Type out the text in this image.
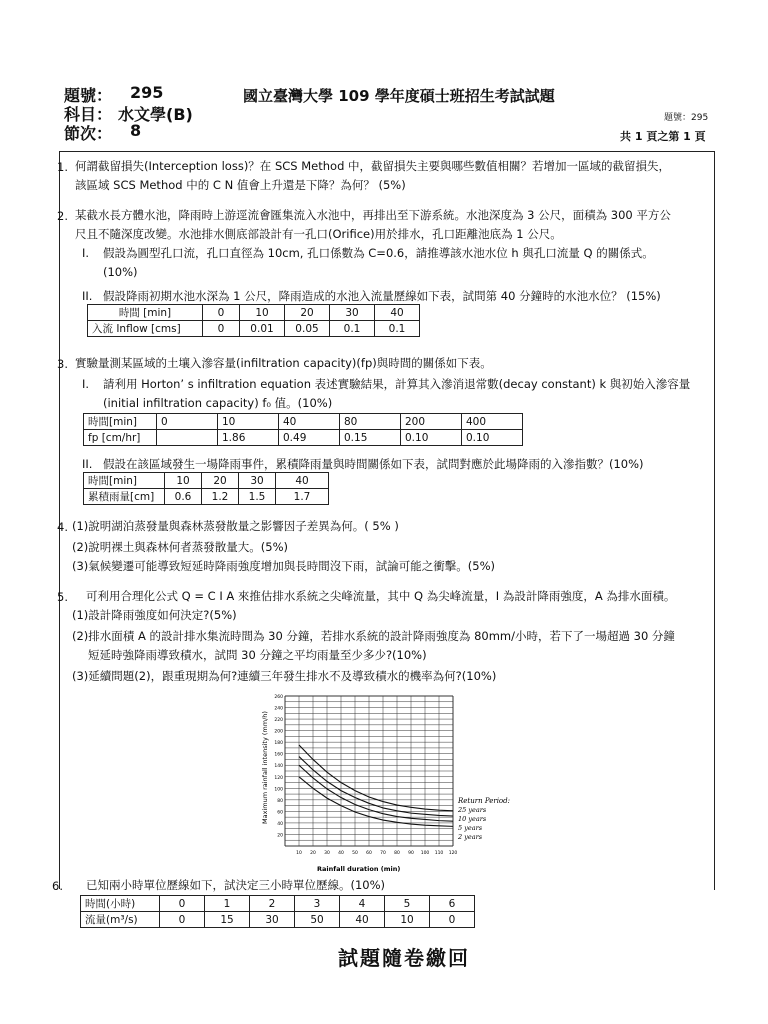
題號： 295
科目： 水文學(B)
節次： 8
國立臺灣大學 109 學年度碩士班招生考試試題
題號：295
共 1 頁之第 1 頁
1. 何謂截留損失(Interception loss)？在 SCS Method 中，截留損失主要與哪些數值相關？若增加一區域的截留損失，
該區域 SCS Method 中的 C N 值會上升還是下降？為何？ (5%)
2. 某截水長方體水池，降雨時上游逕流會匯集流入水池中，再排出至下游系統。水池深度為 3 公尺，面積為 300 平方公
尺且不隨深度改變。水池排水側底部設計有一孔口(Orifice)用於排水，孔口距離池底為 1 公尺。
I. 假設為圓型孔口流，孔口直徑為 10cm, 孔口係數為 C=0.6，請推導該水池水位 h 與孔口流量 Q 的關係式。
(10%)
II. 假設降雨初期水池水深為 1 公尺，降雨造成的水池入流量歷線如下表，試問第 40 分鐘時的水池水位？ (15%)
時間 [min]	0	10	20	30	40
入流 Inflow [cms]	0	0.01	0.05	0.1	0.1
3. 實驗量測某區域的土壤入滲容量(infiltration capacity)(fp)與時間的關係如下表。
I. 請利用 Horton’ s infiltration equation 表述實驗結果，計算其入滲消退常數(decay constant) k 與初始入滲容量
(initial infiltration capacity) f₀ 值。(10%)
時間[min]	0	10	40	80	200	400
fp [cm/hr]		1.86	0.49	0.15	0.10	0.10
II. 假設在該區域發生一場降雨事件，累積降雨量與時間關係如下表，試問對應於此場降雨的入滲指數？(10%)
時間[min]	10	20	30	40
累積雨量[cm]	0.6	1.2	1.5	1.7
4. (1)說明湖泊蒸發量與森林蒸發散量之影響因子差異為何。( 5% )
(2)說明裸土與森林何者蒸發散量大。(5%)
(3)氣候變遷可能導致短延時降雨強度增加與長時間沒下雨，試論可能之衝擊。(5%)
5. 可利用合理化公式 Q = C I A 來推估排水系統之尖峰流量，其中 Q 為尖峰流量，I 為設計降雨強度，A 為排水面積。
(1)設計降雨強度如何決定?(5%)
(2)排水面積 A 的設計排水集流時間為 30 分鐘，若排水系統的設計降雨強度為 80mm/小時，若下了一場超過 30 分鐘
短延時強降雨導致積水，試問 30 分鐘之平均雨量至少多少?(10%)
(3)延續問題(2)，跟重現期為何?連續三年發生排水不及導致積水的機率為何?(10%)
20
40
60
80
100
120
140
160
180
200
220
240
260
10 20 30 40 50 60 70 80 90 100 110 120
Maximum rainfall intensity (mm/h)
Rainfall duration (min)
Return Period:
25 years
10 years
5 years
2 years
6. 已知兩小時單位歷線如下，試決定三小時單位歷線。(10%)
時間(小時)	0	1	2	3	4	5	6
流量(m³/s)	0	15	30	50	40	10	0
試題隨卷繳回
